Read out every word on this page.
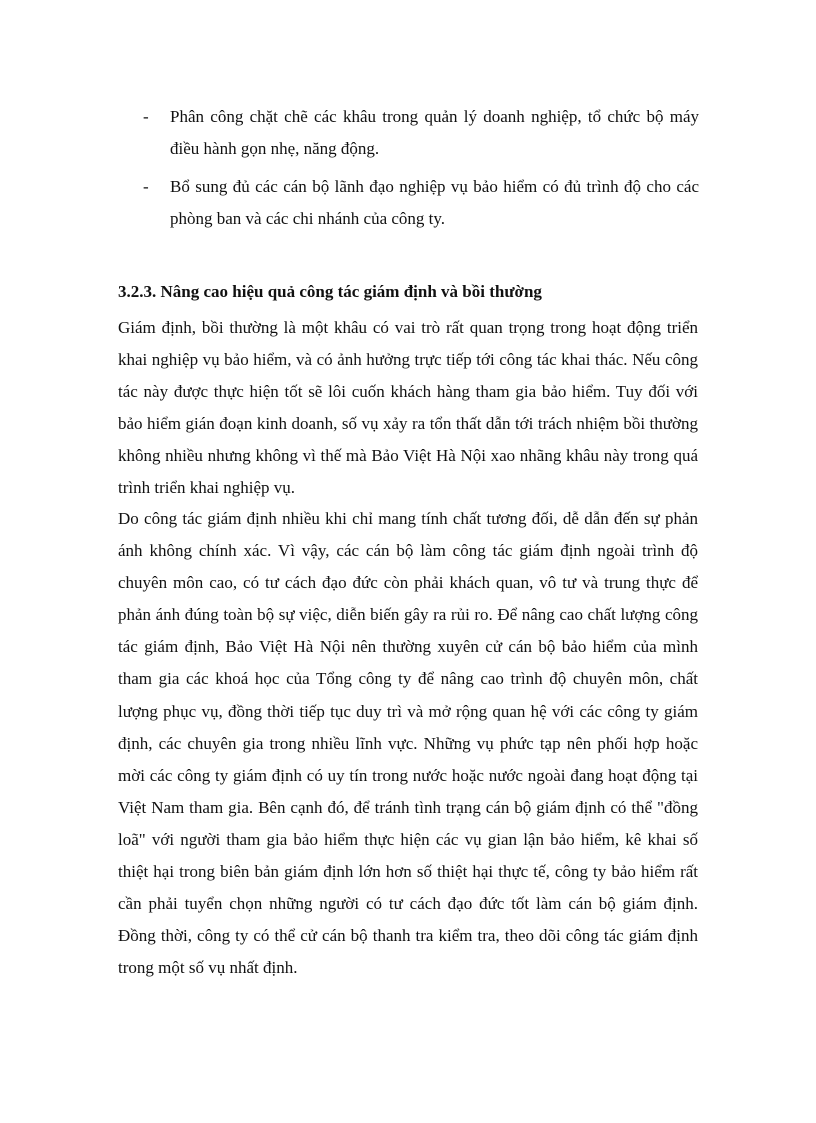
- Phân công chặt chẽ các khâu trong quản lý doanh nghiệp, tổ chức bộ máy điều hành gọn nhẹ, năng động.
- Bổ sung đủ các cán bộ lãnh đạo nghiệp vụ bảo hiểm có đủ trình độ cho các phòng ban và các chi nhánh của công ty.
3.2.3. Nâng cao hiệu quả công tác giám định và bồi thường

Giám định, bồi thường là một khâu có vai trò rất quan trọng trong hoạt động triển khai nghiệp vụ bảo hiểm, và có ảnh hưởng trực tiếp tới công tác khai thác. Nếu công tác này được thực hiện tốt sẽ lôi cuốn khách hàng tham gia bảo hiểm. Tuy đối với bảo hiểm gián đoạn kinh doanh, số vụ xảy ra tổn thất dẫn tới trách nhiệm bồi thường không nhiều nhưng không vì thế mà Bảo Việt Hà Nội xao nhãng khâu này trong quá trình triển khai nghiệp vụ.

Do công tác giám định nhiều khi chỉ mang tính chất tương đối, dễ dẫn đến sự phản ánh không chính xác. Vì vậy, các cán bộ làm công tác giám định ngoài trình độ chuyên môn cao, có tư cách đạo đức còn phải khách quan, vô tư và trung thực để phản ánh đúng toàn bộ sự việc, diễn biến gây ra rủi ro. Để nâng cao chất lượng công tác giám định, Bảo Việt Hà Nội nên thường xuyên cử cán bộ bảo hiểm của mình tham gia các khoá học của Tổng công ty để nâng cao trình độ chuyên môn, chất lượng phục vụ, đồng thời tiếp tục duy trì và mở rộng quan hệ với các công ty giám định, các chuyên gia trong nhiều lĩnh vực. Những vụ phức tạp nên phối hợp hoặc mời các công ty giám định có uy tín trong nước hoặc nước ngoài đang hoạt động tại Việt Nam tham gia. Bên cạnh đó, để tránh tình trạng cán bộ giám định có thể "đồng loã" với người tham gia bảo hiểm thực hiện các vụ gian lận bảo hiểm, kê khai số thiệt hại trong biên bản giám định lớn hơn số thiệt hại thực tế, công ty bảo hiểm rất cần phải tuyển chọn những người có tư cách đạo đức tốt làm cán bộ giám định. Đồng thời, công ty có thể cử cán bộ thanh tra kiểm tra, theo dõi công tác giám định trong một số vụ nhất định.
